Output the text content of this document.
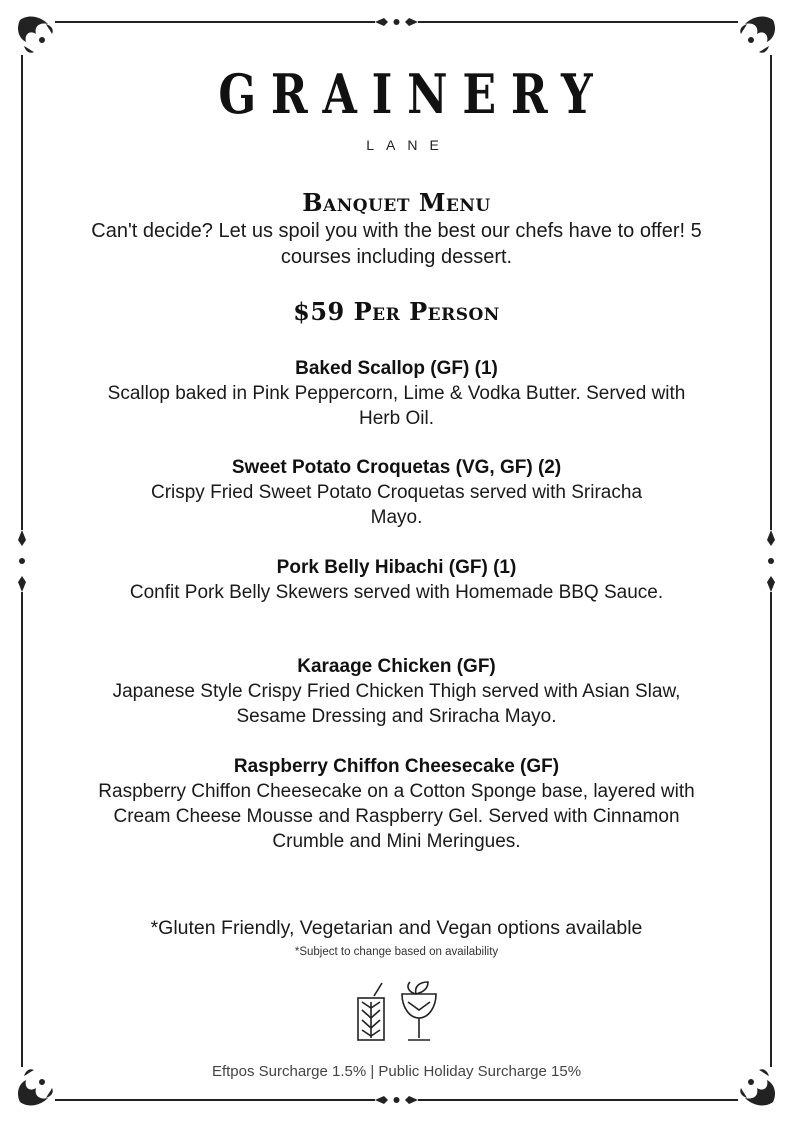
GRAINERY
LANE
Banquet Menu
Can't decide? Let us spoil you with the best our chefs have to offer! 5 courses including dessert.
$59 Per Person
Baked Scallop (GF) (1)
Scallop baked in Pink Peppercorn, Lime & Vodka Butter. Served with Herb Oil.
Sweet Potato Croquetas (VG, GF) (2)
Crispy Fried Sweet Potato Croquetas served with Sriracha Mayo.
Pork Belly Hibachi (GF) (1)
Confit Pork Belly Skewers served with Homemade BBQ Sauce.
Karaage Chicken (GF)
Japanese Style Crispy Fried Chicken Thigh served with Asian Slaw, Sesame Dressing and Sriracha Mayo.
Raspberry Chiffon Cheesecake (GF)
Raspberry Chiffon Cheesecake on a Cotton Sponge base, layered with Cream Cheese Mousse and Raspberry Gel. Served with Cinnamon Crumble and Mini Meringues.
*Gluten Friendly, Vegetarian and Vegan options available
*Subject to change based on availability
Eftpos Surcharge 1.5% | Public Holiday Surcharge 15%
